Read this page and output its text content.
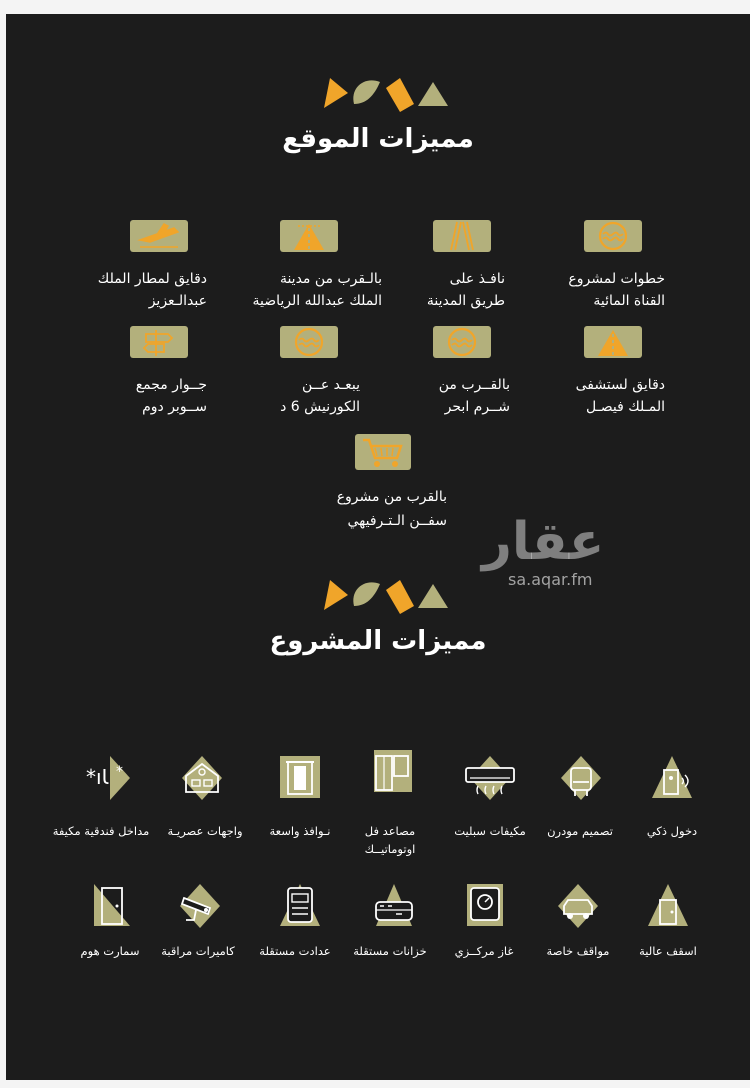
مميزات الموقع
خطوات لمشروع
القناة المائية
نافـذ على
طريق المدينة
بالـقرب من مدينة
الملك عبدالله الرياضية
دقايق لمطار الملك
عبدالـعزيز
دقايق لستشفى
المـلك فيصـل
بالقــرب من
شــرم ابحر
يبعـد عــن
الكورنيش 6 د
جــوار مجمع
ســوبر دوم
بالقرب من مشروع
سفــن الـتـرفيهي عقار
sa.aqar.fm
مميزات المشروع
*ıƖ *
دخول ذكي
تصميم مودرن
مكيفات سبليت
مصاعد فل
اوتوماتيــك
نـوافذ واسعة
واجهات عصريـة
مداخل فندقية مكيفة
اسقف عالية
مواقف خاصة
غاز مركــزي
خزانات مستقلة
عدادت مستقلة
كاميرات مراقبة
سمارت هوم
